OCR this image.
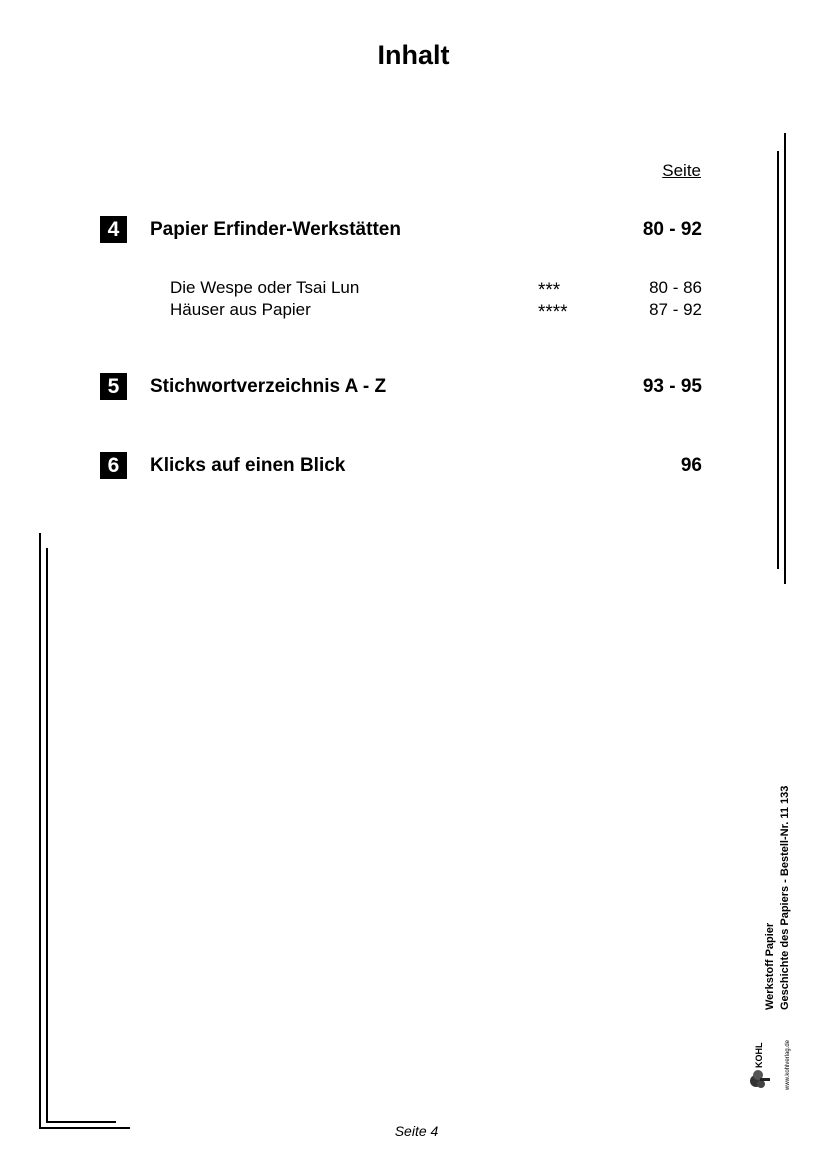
Inhalt
Seite
4	Papier Erfinder-Werkstätten	80 - 92
Die Wespe oder Tsai Lun	***	80 - 86
Häuser aus Papier	****	87 - 92
5	Stichwortverzeichnis A - Z	93 - 95
6	Klicks auf einen Blick	96
Seite 4
KOHL	www.kohlverlag.de
Werkstoff Papier Geschichte des Papiers - Bestell-Nr. 11 133
